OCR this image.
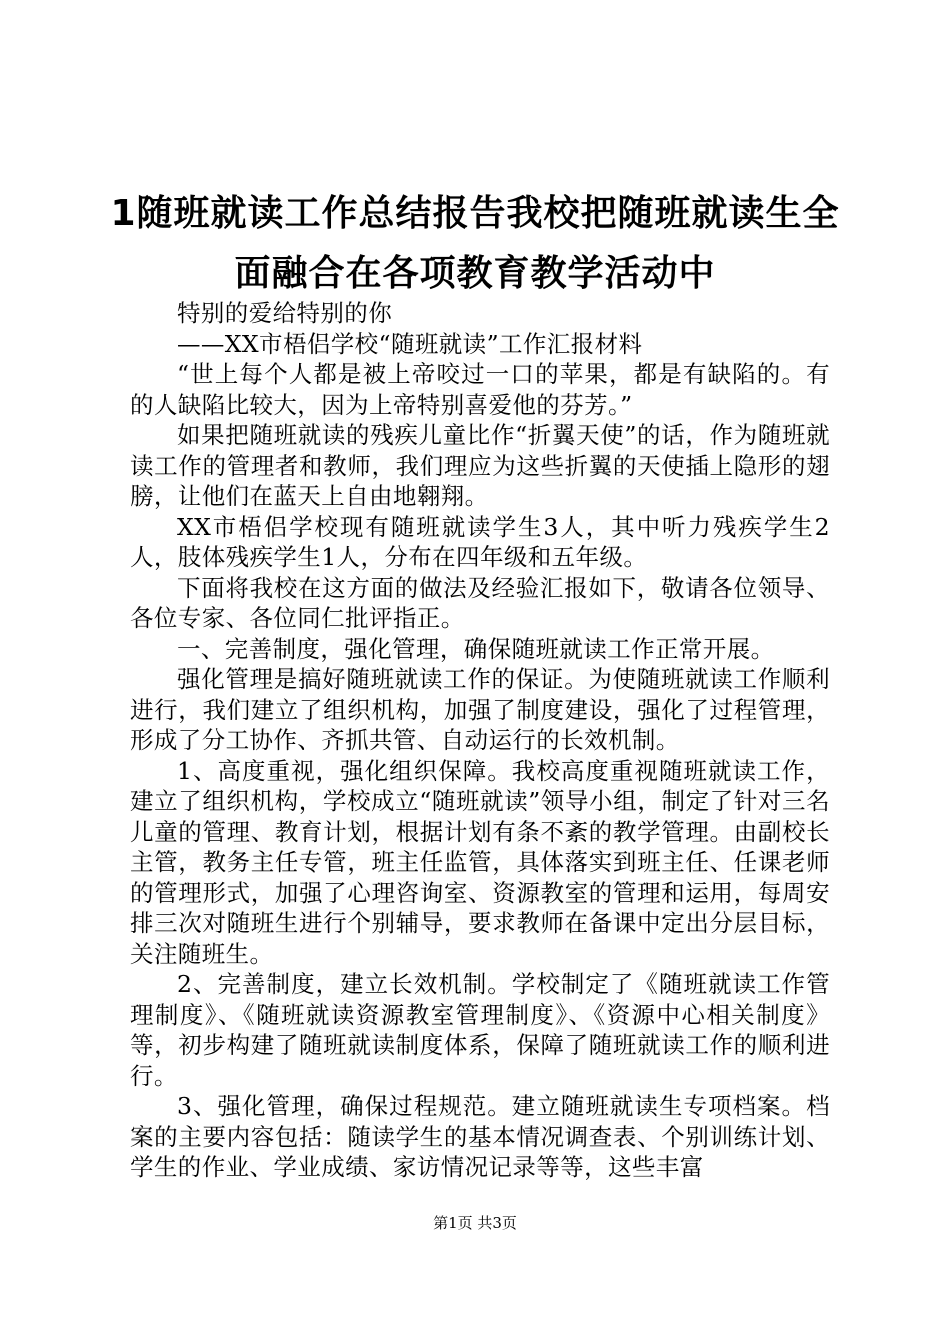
1随班就读工作总结报告我校把随班就读生全面融合在各项教育教学活动中

特别的爱给特别的你

——XX市梧侣学校“随班就读”工作汇报材料

“世上每个人都是被上帝咬过一口的苹果，都是有缺陷的。有的人缺陷比较大，因为上帝特别喜爱他的芬芳。”

如果把随班就读的残疾儿童比作“折翼天使”的话，作为随班就读工作的管理者和教师，我们理应为这些折翼的天使插上隐形的翅膀，让他们在蓝天上自由地翱翔。

XX市梧侣学校现有随班就读学生3人，其中听力残疾学生2人，肢体残疾学生1人，分布在四年级和五年级。

下面将我校在这方面的做法及经验汇报如下，敬请各位领导、各位专家、各位同仁批评指正。

一、完善制度，强化管理，确保随班就读工作正常开展。

强化管理是搞好随班就读工作的保证。为使随班就读工作顺利进行，我们建立了组织机构，加强了制度建设，强化了过程管理，形成了分工协作、齐抓共管、自动运行的长效机制。

1、高度重视，强化组织保障。我校高度重视随班就读工作，建立了组织机构，学校成立“随班就读”领导小组，制定了针对三名儿童的管理、教育计划，根据计划有条不紊的教学管理。由副校长主管，教务主任专管，班主任监管，具体落实到班主任、任课老师的管理形式，加强了心理咨询室、资源教室的管理和运用，每周安排三次对随班生进行个别辅导，要求教师在备课中定出分层目标，关注随班生。

2、完善制度，建立长效机制。学校制定了《随班就读工作管理制度》、《随班就读资源教室管理制度》、《资源中心相关制度》等，初步构建了随班就读制度体系，保障了随班就读工作的顺利进行。

3、强化管理，确保过程规范。建立随班就读生专项档案。档案的主要内容包括：随读学生的基本情况调查表、个别训练计划、学生的作业、学业成绩、家访情况记录等等，这些丰富

第1页 共3页
